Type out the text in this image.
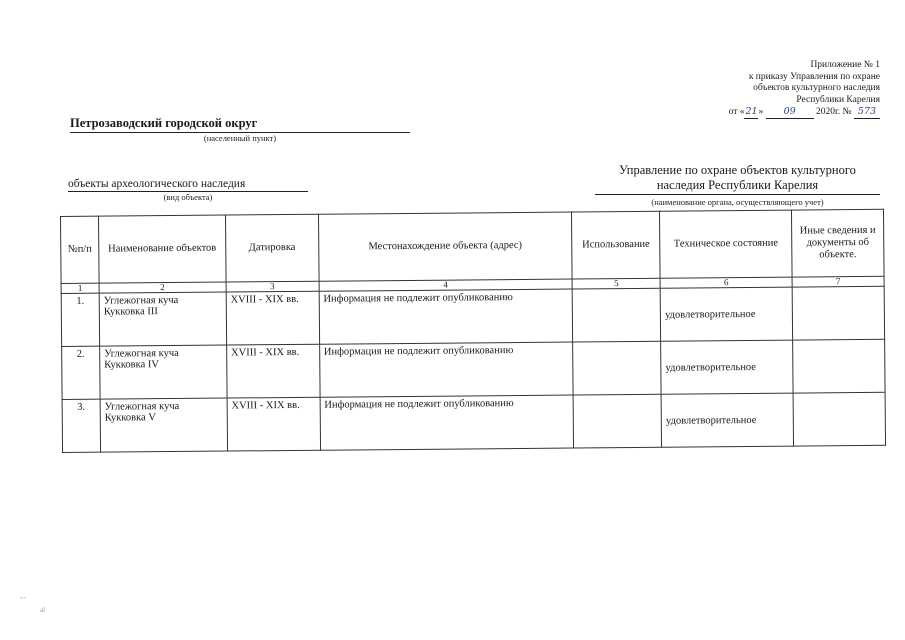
Приложение № 1
к приказу Управления по охране
объектов культурного наследия
Республики Карелия
от «21» 09 2020г. № 573
Петрозаводский городской округ
(населенный пункт)
объекты археологического наследия
(вид объекта)
Управление по охране объектов культурного наследия Республики Карелия
(наименование органа, осуществляющего учет)
№п/п	Наименование объектов	Датировка	Местонахождение объекта (адрес)	Использование	Техническое состояние	Иные сведения и документы об объекте.
1	2	3	4	5	6	7
1.	Углежогная куча Кукковка III	XVIII - XIX вв.	Информация не подлежит опубликованию		удовлетворительное	
2.	Углежогная куча Кукковка IV	XVIII - XIX вв.	Информация не подлежит опубликованию		удовлетворительное	
3.	Углежогная куча Кукковка V	XVIII - XIX вв.	Информация не подлежит опубликованию		удовлетворительное	
ˆ ̂
al
